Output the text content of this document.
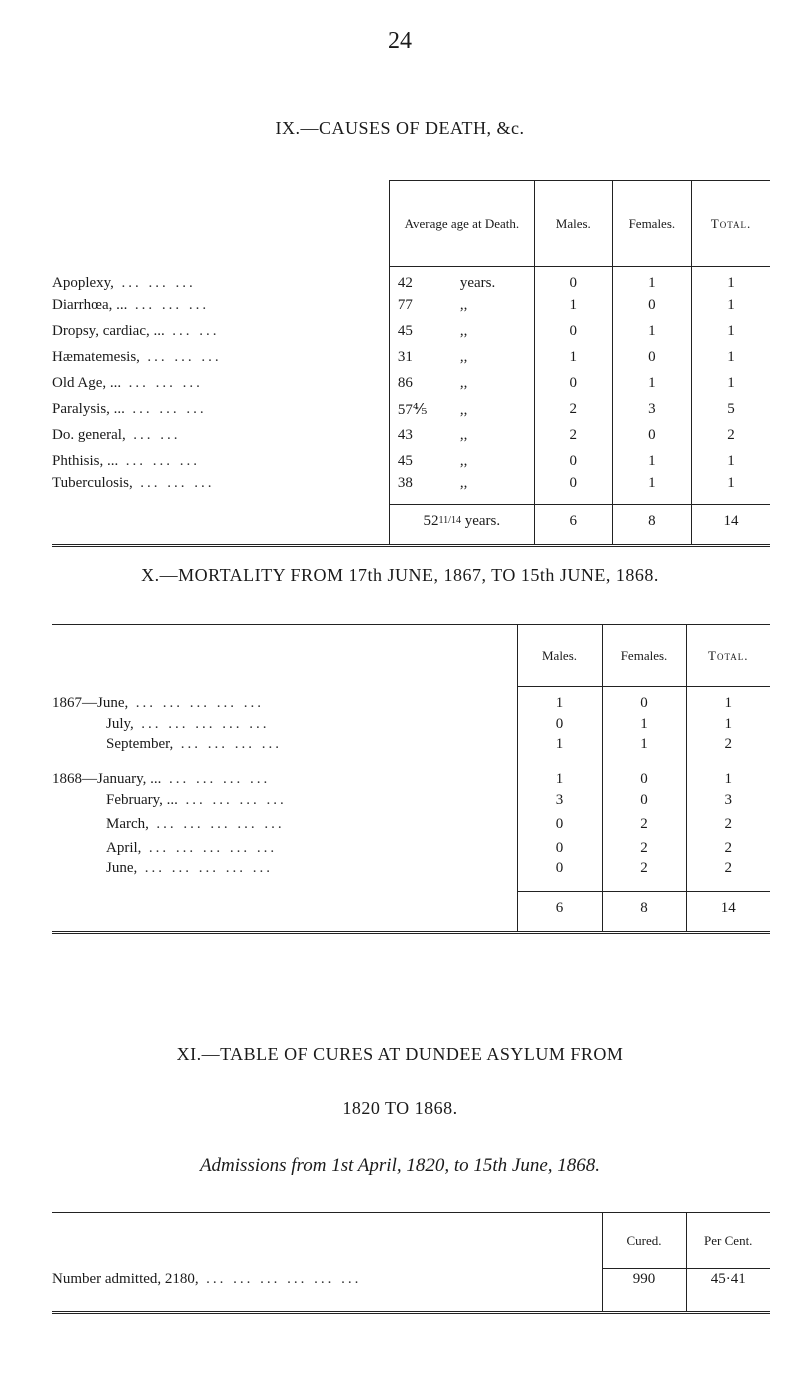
24
IX.—CAUSES OF DEATH, &c.
	Average age at Death.	Males.	Females.	Total.
Apoplexy, ... ... ...	42 years.	0	1	1
Diarrhœa, ... ... ... ...	77 ,,	1	0	1
Dropsy, cardiac, ... ... ...	45 ,,	0	1	1
Hæmatemesis, ... ... ...	31 ,,	1	0	1
Old Age, ... ... ... ...	86 ,,	0	1	1
Paralysis, ... ... ... ...	57⅘ ,,	2	3	5
Do. general, ... ...	43 ,,	2	0	2
Phthisis, ... ... ... ...	45 ,,	0	1	1
Tuberculosis, ... ... ...	38 ,,	0	1	1
	5211/14 years.	6	8	14
X.—MORTALITY FROM 17th JUNE, 1867, TO 15th JUNE, 1868.
	Males.	Females.	Total.
1867—June, ... ... ... ... ...	1	0	1
July, ... ... ... ... ...	0	1	1
September, ... ... ... ...	1	1	2
1868—January, ... ... ... ... ...	1	0	1
February, ... ... ... ... ...	3	0	3
March, ... ... ... ... ...	0	2	2
April, ... ... ... ... ...	0	2	2
June, ... ... ... ... ...	0	2	2
	6	8	14
XI.—TABLE OF CURES AT DUNDEE ASYLUM FROM
1820 TO 1868.
Admissions from 1st April, 1820, to 15th June, 1868.
	Cured.	Per Cent.
Number admitted, 2180, ... ... ... ... ... ...	990	45·41
